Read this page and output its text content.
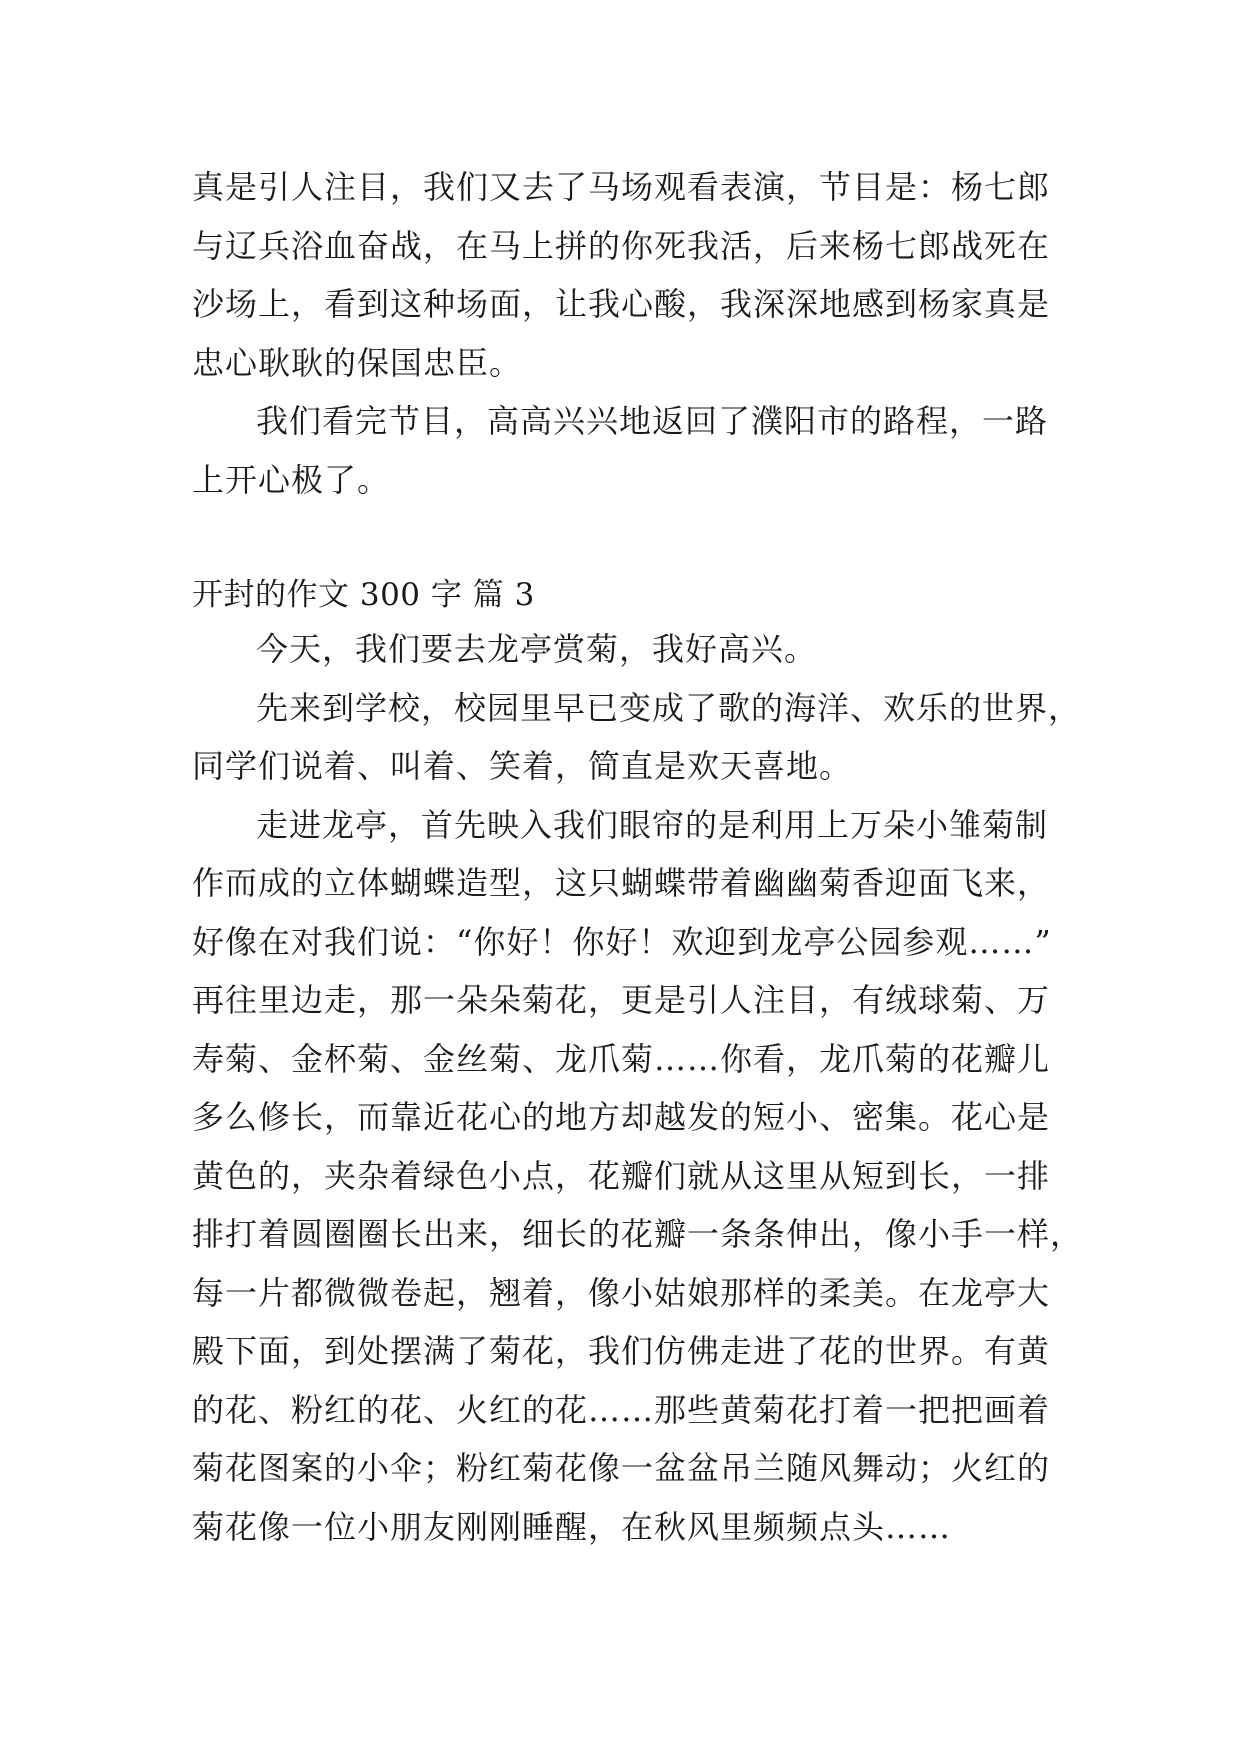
真是引人注目，我们又去了马场观看表演，节目是：杨七郎
与辽兵浴血奋战，在马上拼的你死我活，后来杨七郎战死在
沙场上，看到这种场面，让我心酸，我深深地感到杨家真是
忠心耿耿的保国忠臣。

我们看完节目，高高兴兴地返回了濮阳市的路程，一路
上开心极了。

开封的作文 300 字 篇 3

今天，我们要去龙亭赏菊，我好高兴。

先来到学校，校园里早已变成了歌的海洋、欢乐的世界，
同学们说着、叫着、笑着，简直是欢天喜地。

走进龙亭，首先映入我们眼帘的是利用上万朵小雏菊制
作而成的立体蝴蝶造型，这只蝴蝶带着幽幽菊香迎面飞来，
好像在对我们说：“你好！你好！欢迎到龙亭公园参观……”
再往里边走，那一朵朵菊花，更是引人注目，有绒球菊、万
寿菊、金杯菊、金丝菊、龙爪菊……你看，龙爪菊的花瓣儿
多么修长，而靠近花心的地方却越发的短小、密集。花心是
黄色的，夹杂着绿色小点，花瓣们就从这里从短到长，一排
排打着圆圈圈长出来，细长的花瓣一条条伸出，像小手一样，
每一片都微微卷起，翘着，像小姑娘那样的柔美。在龙亭大
殿下面，到处摆满了菊花，我们仿佛走进了花的世界。有黄
的花、粉红的花、火红的花……那些黄菊花打着一把把画着
菊花图案的小伞；粉红菊花像一盆盆吊兰随风舞动；火红的
菊花像一位小朋友刚刚睡醒，在秋风里频频点头……
